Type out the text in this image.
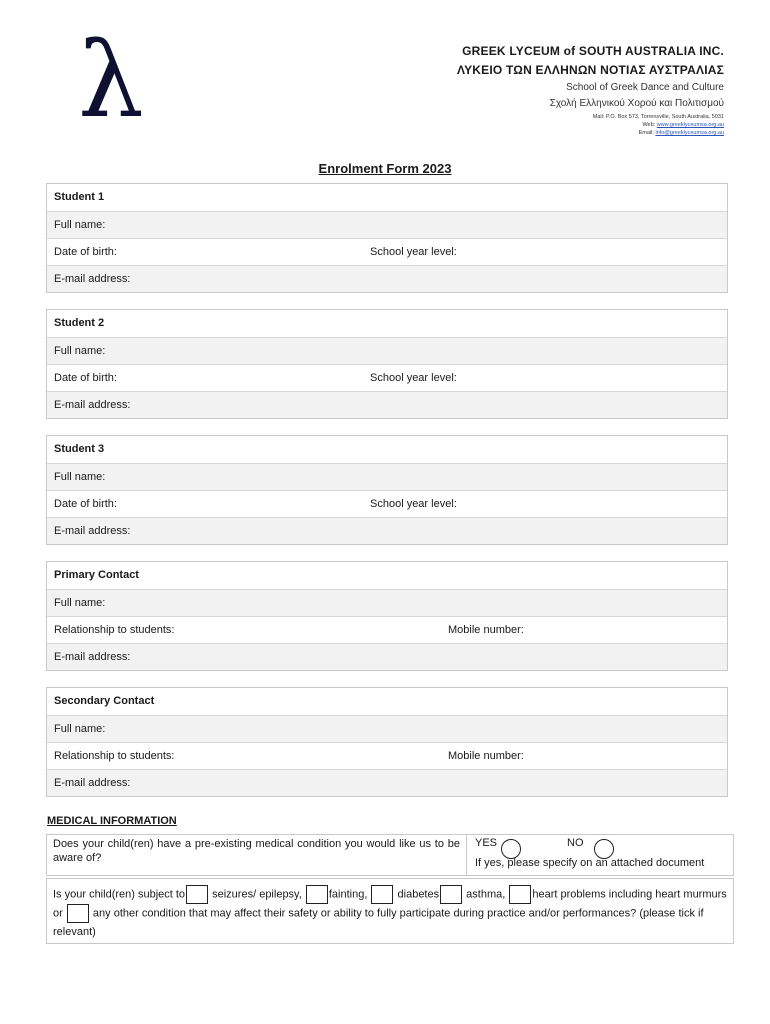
λ	GREEK LYCEUM of SOUTH AUSTRALIA INC.
ΛΥΚΕΙΟ ΤΩΝ ΕΛΛΗΝΩΝ ΝΟΤΙΑΣ ΑΥΣΤΡΑΛΙΑΣ
School of Greek Dance and Culture
Σχολή Ελληνικού Χορού και Πολιτισμού
Mail: P.O. Box 573, Torrensville, South Australia, 5031
Web: www.greeklyceumsa.org.au
Email: info@greeklyceumsa.org.au
Enrolment Form 2023
Student 1
Full name:
Date of birth:	School year level:
E-mail address:
Student 2
Full name:
Date of birth:	School year level:
E-mail address:
Student 3
Full name:
Date of birth:	School year level:
E-mail address:
Primary Contact
Full name:
Relationship to students:	Mobile number:
E-mail address:
Secondary Contact
Full name:
Relationship to students:	Mobile number:
E-mail address:
MEDICAL INFORMATION
Does your child(ren) have a pre-existing medical condition you would like us to be aware of?
YES	NO
If yes, please specify on an attached document
Is your child(ren) subject to seizures/ epilepsy, fainting,	diabetes asthma, heart problems including heart murmurs or	any other condition that may affect their safety or ability to fully participate during practice and/or performances? (please tick if relevant)
